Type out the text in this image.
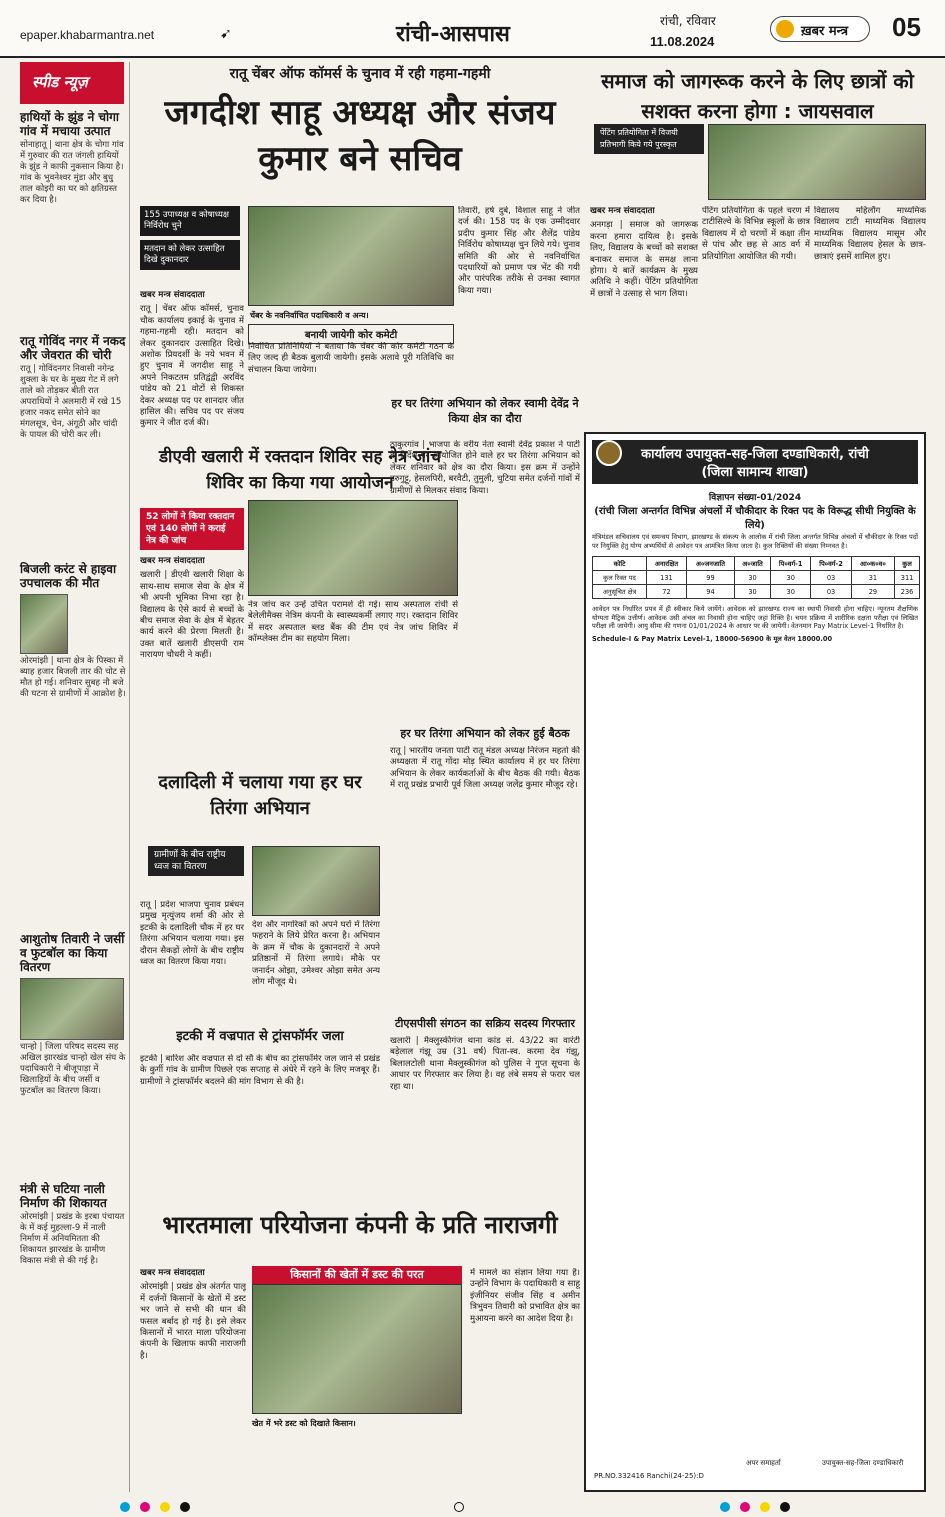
epaper.khabarmantra.net	➹	रांची-आसपास
रांची, रविवार
11.08.2024
ख़बर मन्त्र	05
स्पीड न्यूज़
हाथियों के झुंड ने चोगा गांव में मचाया उत्पात

सोनाहातू | थाना क्षेत्र के चोगा गांव में गुरुवार की रात जंगली हाथियों के झुंड ने काफी नुकसान किया है। गांव के भुवनेश्वर मुंडा और बुधु ताल कोइरी का घर को क्षतिग्रस्त कर दिया है।

रातू गोविंद नगर में नकद और जेवरात की चोरी

रातू | गोविंदनगर निवासी नगेन्द्र शुक्ला के घर के मुख्य गेट में लगे ताले को तोड़कर बीती रात अपराधियों ने अलमारी में रखे 15 हजार नकद समेत सोने का मंगलसूत्र, चेन, अंगूठी और चांदी के पायल की चोरी कर ली।

बिजली करंट से हाइवा उपचालक की मौत

ओरमांझी | थाना क्षेत्र के पिस्का में ब्याह हजार बिजली तार की चोट से मौत हो गई। शनिवार सुबह नौ बजे की घटना से ग्रामीणों में आक्रोश है।

आशुतोष तिवारी ने जर्सी व फुटबॉल का किया वितरण

चान्हो | जिला परिषद सदस्य सह अखिल झारखंड चान्हो खेल संघ के पदाधिकारी ने बीजूपाड़ा में खिलाड़ियों के बीच जर्सी व फुटबॉल का वितरण किया।

मंत्री से घटिया नाली निर्माण की शिकायत

ओरमांझी | प्रखंड के इरबा पंचायत के में कई मुहल्ला-9 में नाली निर्माण में अनियमितता की शिकायत झारखंड के ग्रामीण विकास मंत्री से की गई है।

रातू चेंबर ऑफ कॉमर्स के चुनाव में रही गहमा-गहमी
जगदीश साहू अध्यक्ष और संजय कुमार बने सचिव
155 उपाध्यक्ष व कोषाध्यक्ष निर्विरोध चुने
मतदान को लेकर उत्साहित दिखे दुकानदार
चेंबर के नवनिर्वाचित पदाधिकारी व अन्य।
खबर मन्त्र संवाददाता
रातू | चेंबर ऑफ कॉमर्स, चुनाव चौक कार्यालय इकाई के चुनाव में गहमा-गहमी रही। मतदान को लेकर दुकानदार उत्साहित दिखे। अशोक प्रियदर्शी के नये भवन में हुए चुनाव में जगदीश साहू ने अपने निकटतम प्रतिद्वंद्वी अरविंद पांडेय को 21 वोटों से शिकस्त देकर अध्यक्ष पद पर शानदार जीत हासिल की। सचिव पद पर संजय कुमार ने जीत दर्ज की।
बनायी जायेगी कोर कमेटी
निर्वाचित प्रतिनिधियों ने बताया कि चेंबर की कोर कमेटी गठन के लिए जल्द ही बैठक बुलायी जायेगी। इसके अलावे पूरी गतिविधि का संचालन किया जायेगा।
तिवारी, हर्ष दुबे, विशाल साहू ने जीत दर्ज की। 158 पद के एक उम्मीदवार प्रदीप कुमार सिंह और शैलेंद्र पांडेय निर्विरोध कोषाध्यक्ष चुन लिये गये। चुनाव समिति की ओर से नवनिर्वाचित पदधारियों को प्रमाण पत्र भेंट की गयी और पारंपरिक तरीके से उनका स्वागत किया गया।
डीएवी खलारी में रक्तदान शिविर सह नेत्र जांच शिविर का किया गया आयोजन
52 लोगों ने किया रक्तदान एवं 140 लोगों ने कराई नेत्र की जांच
खबर मन्त्र संवाददाता
खलारी | डीएवी खलारी शिक्षा के साथ-साथ समाज सेवा के क्षेत्र में भी अपनी भूमिका निभा रहा है। विद्यालय के ऐसे कार्य से बच्चों के बीच समाज सेवा के क्षेत्र में बेहतर कार्य करने की प्रेरणा मिलती है। उक्त बातें खलारी डीएसपी राम नारायण चौधरी ने कहीं।
नेत्र जांच कर उन्हें उचित परामर्श दी गई। साथ अस्पताल रांची से बेलेलीमैक्स नेत्रिम कंपनी के स्वास्थ्यकर्मी लगाए गए। रक्तदान शिविर में सदर अस्पताल ब्लड बैंक की टीम एवं नेत्र जांच शिविर में कॉम्प्लेक्स टीम का सहयोग मिला।
दलादिली में चलाया गया हर घर तिरंगा अभियान
ग्रामीणों के बीच राष्ट्रीय ध्वज का वितरण
रातू | प्रदेश भाजपा चुनाव प्रबंधन प्रमुख मृत्युंजय शर्मा की ओर से इटकी के दलादिली चौक में हर घर तिरंगा अभियान चलाया गया। इस दौरान सैकड़ों लोगों के बीच राष्ट्रीय ध्वज का वितरण किया गया।
देश और नागरिकों को अपने घरों में तिरंगा फहराने के लिये प्रेरित करना है। अभियान के क्रम में चौक के दुकानदारों ने अपने प्रतिष्ठानों में तिरंगा लगाये। मौके पर जनार्दन ओझा, उमेश्वर ओझा समेत अन्य लोग मौजूद थे।
इटकी में वज्रपात से ट्रांसफॉर्मर जला
इटकी | बारिश और वज्रपात से दो सौ के बीच का ट्रांसफॉर्मर जल जाने से प्रखंड के कुर्गी गांव के ग्रामीण पिछले एक सप्ताह से अंधेरे में रहने के लिए मजबूर हैं। ग्रामीणों ने ट्रांसफॉर्मर बदलने की मांग विभाग से की है।
हर घर तिरंगा अभियान को लेकर स्वामी देवेंद्र ने किया क्षेत्र का दौरा
ठाकुरगांव | भाजपा के वरीय नेता स्वामी देवेंद्र प्रकाश ने पार्टी के निर्देश पर आयोजित होने वाले हर घर तिरंगा अभियान को लेकर शनिवार को क्षेत्र का दौरा किया। इस क्रम में उन्होंने उरुगुट्टू, हेसलपिरी, बरवैटी, तुमुली, चुटिया समेत दर्जनों गांवों में ग्रामीणों से मिलकर संवाद किया।
हर घर तिरंगा अभियान को लेकर हुई बैठक
रातू | भारतीय जनता पार्टी रातू मंडल अध्यक्ष निरंजन महतो की अध्यक्षता में रातू गोंदा मोड़ स्थित कार्यालय में हर घर तिरंगा अभियान के लेकर कार्यकर्ताओं के बीच बैठक की गयी। बैठक में रातू प्रखंड प्रभारी पूर्व जिला अध्यक्ष जलेंद्र कुमार मौजूद रहे।
टीएसपीसी संगठन का सक्रिय सदस्य गिरफ्तार
खलारी | मैक्लुस्कीगंज थाना कांड सं. 43/22 का वारंटी बड़ेलाल गंझू उम्र (31 वर्ष) पिता-स्व. करमा देव गंझू, बिलालटोली थाना मैक्लुस्कीगंज को पुलिस ने गुप्त सूचना के आधार पर गिरफ्तार कर लिया है। वह लंबे समय से फरार चल रहा था।
भारतमाला परियोजना कंपनी के प्रति नाराजगी
किसानों की खेतों में डस्ट की परत
खेत में भरे डस्ट को दिखाते किसान।
खबर मन्त्र संवाददाता
ओरमांझी | प्रखंड क्षेत्र अंतर्गत पालू में दर्जनों किसानों के खेतों में डस्ट भर जाने से सभी की धान की फसल बर्बाद हो गई है। इसे लेकर किसानों में भारत माला परियोजना कंपनी के खिलाफ काफी नाराजगी है।
में मामले का संज्ञान लिया गया है। उन्होंने विभाग के पदाधिकारी व साहू इंजीनियर संजीव सिंह व अमीन त्रिभुवन तिवारी को प्रभावित क्षेत्र का मुआयना करने का आदेश दिया है।
समाज को जागरूक करने के लिए छात्रों को सशक्त करना होगा : जायसवाल
पेंटिंग प्रतियोगिता में विजयी प्रतिभागी किये गये पुरस्कृत
खबर मन्त्र संवाददाता
अनगड़ा | समाज को जागरूक करना हमारा दायित्व है। इसके लिए, विद्यालय के बच्चों को सशक्त बनाकर समाज के समक्ष लाना होगा। ये बातें कार्यक्रम के मुख्य अतिथि ने कहीं। पेंटिंग प्रतियोगिता में छात्रों ने उत्साह से भाग लिया।
पेंटिंग प्रतियोगिता के पहले चरण में टाटीसिल्वे के विभिन्न स्कूलों के छात्र विद्यालय में दो चरणों में कक्षा तीन से पांच और छह से आठ वर्ग में प्रतियोगिता आयोजित की गयी।
विद्यालय महिलौंग माध्यमिक विद्यालय टाटी माध्यमिक विद्यालय माध्यमिक विद्यालय मासूम और माध्यमिक विद्यालय हेसल के छात्र-छात्राएं इसमें शामिल हुए।
कार्यालय उपायुक्त-सह-जिला दण्डाधिकारी, रांची
(जिला सामान्य शाखा)
विज्ञापन संख्या-01/2024
(रांची जिला अन्तर्गत विभिन्न अंचलों में चौकीदार के रिक्त पद के विरूद्ध सीधी नियुक्ति के लिये)
मंत्रिमंडल सचिवालय एवं समन्वय विभाग, झारखण्ड के संकल्प के आलोक में रांची जिला अन्तर्गत विभिन्न अंचलों में चौकीदार के रिक्त पदों पर नियुक्ति हेतु योग्य अभ्यर्थियों से आवेदन पत्र आमंत्रित किया जाता है। कुल रिक्तियों की संख्या निम्नवत है।
कोटि	अनारक्षित	अ०जनजाति	अ०जाति	पि०वर्ग-1	पि०वर्ग-2	आ०क०व०	कुल
कुल रिक्त पद	131	99	30	30	03	31	311
अनुसूचित क्षेत्र	72	94	30	30	03	29	236
आवेदन पत्र निर्धारित प्रपत्र में ही स्वीकार किये जायेंगे। आवेदक को झारखण्ड राज्य का स्थायी निवासी होना चाहिए। न्यूनतम शैक्षणिक योग्यता मैट्रिक उत्तीर्ण। आवेदक उसी अंचल का निवासी होना चाहिए जहां रिक्ति है। चयन प्रक्रिया में शारीरिक दक्षता परीक्षा एवं लिखित परीक्षा ली जायेगी। आयु सीमा की गणना 01/01/2024 के आधार पर की जायेगी। वेतनमान Pay Matrix Level-1 निर्धारित है।
Schedule-I & Pay Matrix Level-1, 18000-56900 के मूल वेतन 18000.00
PR.NO.332416 Ranchi(24-25):D
अपर समाहर्ता	उपायुक्त-सह-जिला दण्डाधिकारी
